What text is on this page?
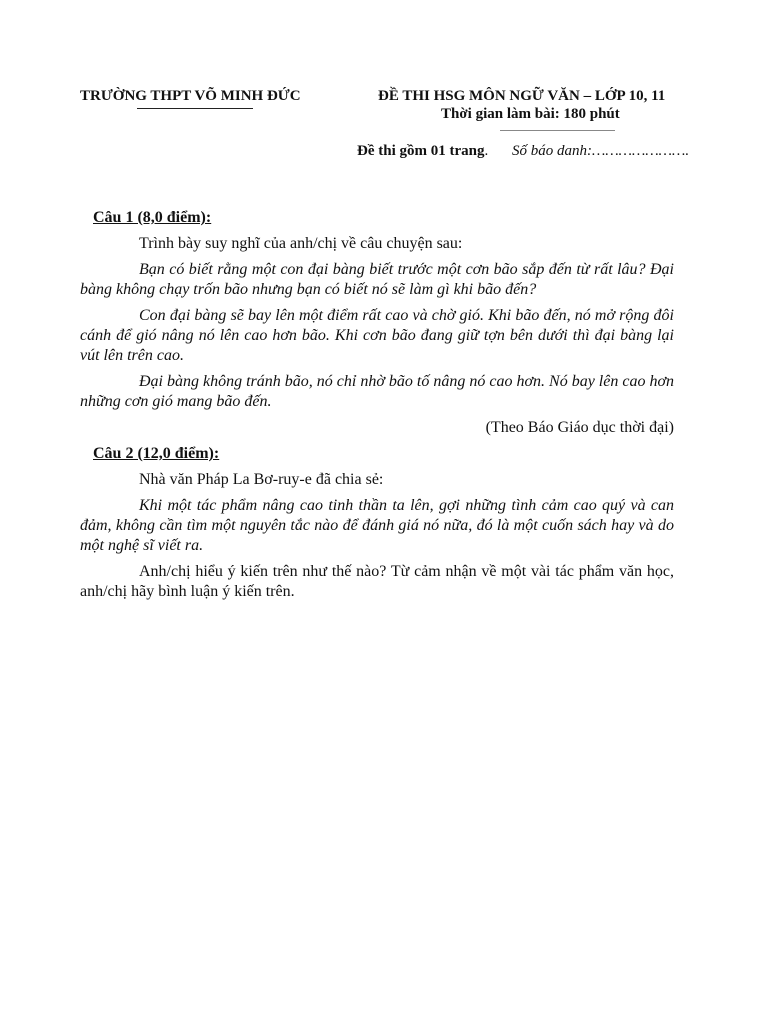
TRƯỜNG THPT VÕ MINH ĐỨC	ĐỀ THI HSG MÔN NGỮ VĂN – LỚP 10, 11
Thời gian làm bài: 180 phút
Đề thi gồm 01 trang. Số báo danh:………………….

Câu 1 (8,0 điểm):

Trình bày suy nghĩ của anh/chị về câu chuyện sau:

Bạn có biết rằng một con đại bàng biết trước một cơn bão sắp đến từ rất lâu? Đại bàng không chạy trốn bão nhưng bạn có biết nó sẽ làm gì khi bão đến?

Con đại bàng sẽ bay lên một điểm rất cao và chờ gió. Khi bão đến, nó mở rộng đôi cánh để gió nâng nó lên cao hơn bão. Khi cơn bão đang giữ tợn bên dưới thì đại bàng lại vút lên trên cao.

Đại bàng không tránh bão, nó chỉ nhờ bão tố nâng nó cao hơn. Nó bay lên cao hơn những cơn gió mang bão đến.

(Theo Báo Giáo dục thời đại)

Câu 2 (12,0 điểm):

Nhà văn Pháp La Bơ-ruy-e đã chia sẻ:

Khi một tác phẩm nâng cao tinh thần ta lên, gợi những tình cảm cao quý và can đảm, không cần tìm một nguyên tắc nào để đánh giá nó nữa, đó là một cuốn sách hay và do một nghệ sĩ viết ra.

Anh/chị hiểu ý kiến trên như thế nào? Từ cảm nhận về một vài tác phẩm văn học, anh/chị hãy bình luận ý kiến trên.
